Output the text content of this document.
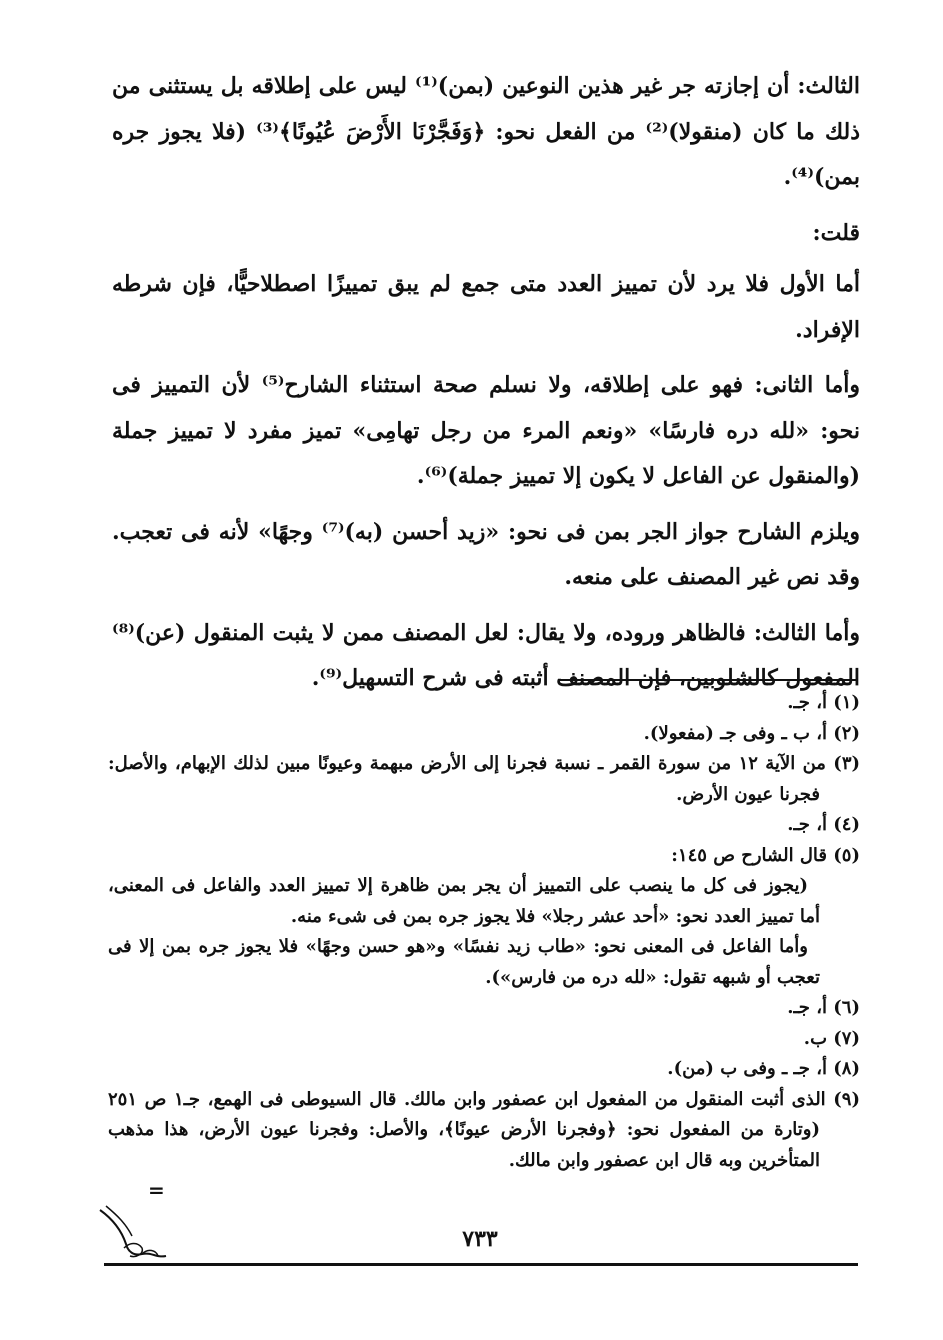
الثالث: أن إجازته جر غير هذين النوعين (بمن)⁽¹⁾ ليس على إطلاقه بل يستثنى من ذلك ما كان (منقولا)⁽²⁾ من الفعل نحو: ﴿وَفَجَّرْنَا الأَرْضَ عُيُونًا﴾⁽³⁾ (فلا يجوز جره بمن)⁽⁴⁾.

قلت:

أما الأول فلا يرد لأن تمييز العدد متى جمع لم يبق تمييزًا اصطلاحيًّا، فإن شرطه الإفراد.

وأما الثانى: فهو على إطلاقه، ولا نسلم صحة استثناء الشارح⁽⁵⁾ لأن التمييز فى نحو: «لله دره فارسًا» «ونعم المرء من رجل تهامِى» تميز مفرد لا تمييز جملة (والمنقول عن الفاعل لا يكون إلا تمييز جملة)⁽⁶⁾.

ويلزم الشارح جواز الجر بمن فى نحو: «زيد أحسن (به)⁽⁷⁾ وجهًا» لأنه فى تعجب. وقد نص غير المصنف على منعه.

وأما الثالث: فالظاهر وروده، ولا يقال: لعل المصنف ممن لا يثبت المنقول (عن)⁽⁸⁾ المفعول كالشلوبين، فإن المصنف أثبته فى شرح التسهيل⁽⁹⁾.

(١) أ، جـ.

(٢) أ، ب ـ وفى جـ (مفعولا).

(٣) من الآية ١٢ من سورة القمر ـ نسبة فجرنا إلى الأرض مبهمة وعيونًا مبين لذلك الإبهام، والأصل: فجرنا عيون الأرض.

(٤) أ، جـ.

(٥) قال الشارح ص ١٤٥:

(يجوز فى كل ما ينصب على التمييز أن يجر بمن ظاهرة إلا تمييز العدد والفاعل فى المعنى، أما تمييز العدد نحو: «أحد عشر رجلا» فلا يجوز جره بمن فى شىء منه.

وأما الفاعل فى المعنى نحو: «طاب زيد نفسًا» و«هو حسن وجهًا» فلا يجوز جره بمن إلا فى تعجب أو شبهه تقول: «لله دره من فارس»).

(٦) أ، جـ.

(٧) ب.

(٨) أ، جـ ـ وفى ب (من).

(٩) الذى أثبت المنقول من المفعول ابن عصفور وابن مالك. قال السيوطى فى الهمع، جـ١ ص ٢٥١ (وتارة من المفعول نحو: ﴿وفجرنا الأرض عيونًا﴾، والأصل: وفجرنا عيون الأرض، هذا مذهب المتأخرين وبه قال ابن عصفور وابن مالك.

=
٧٣٣
